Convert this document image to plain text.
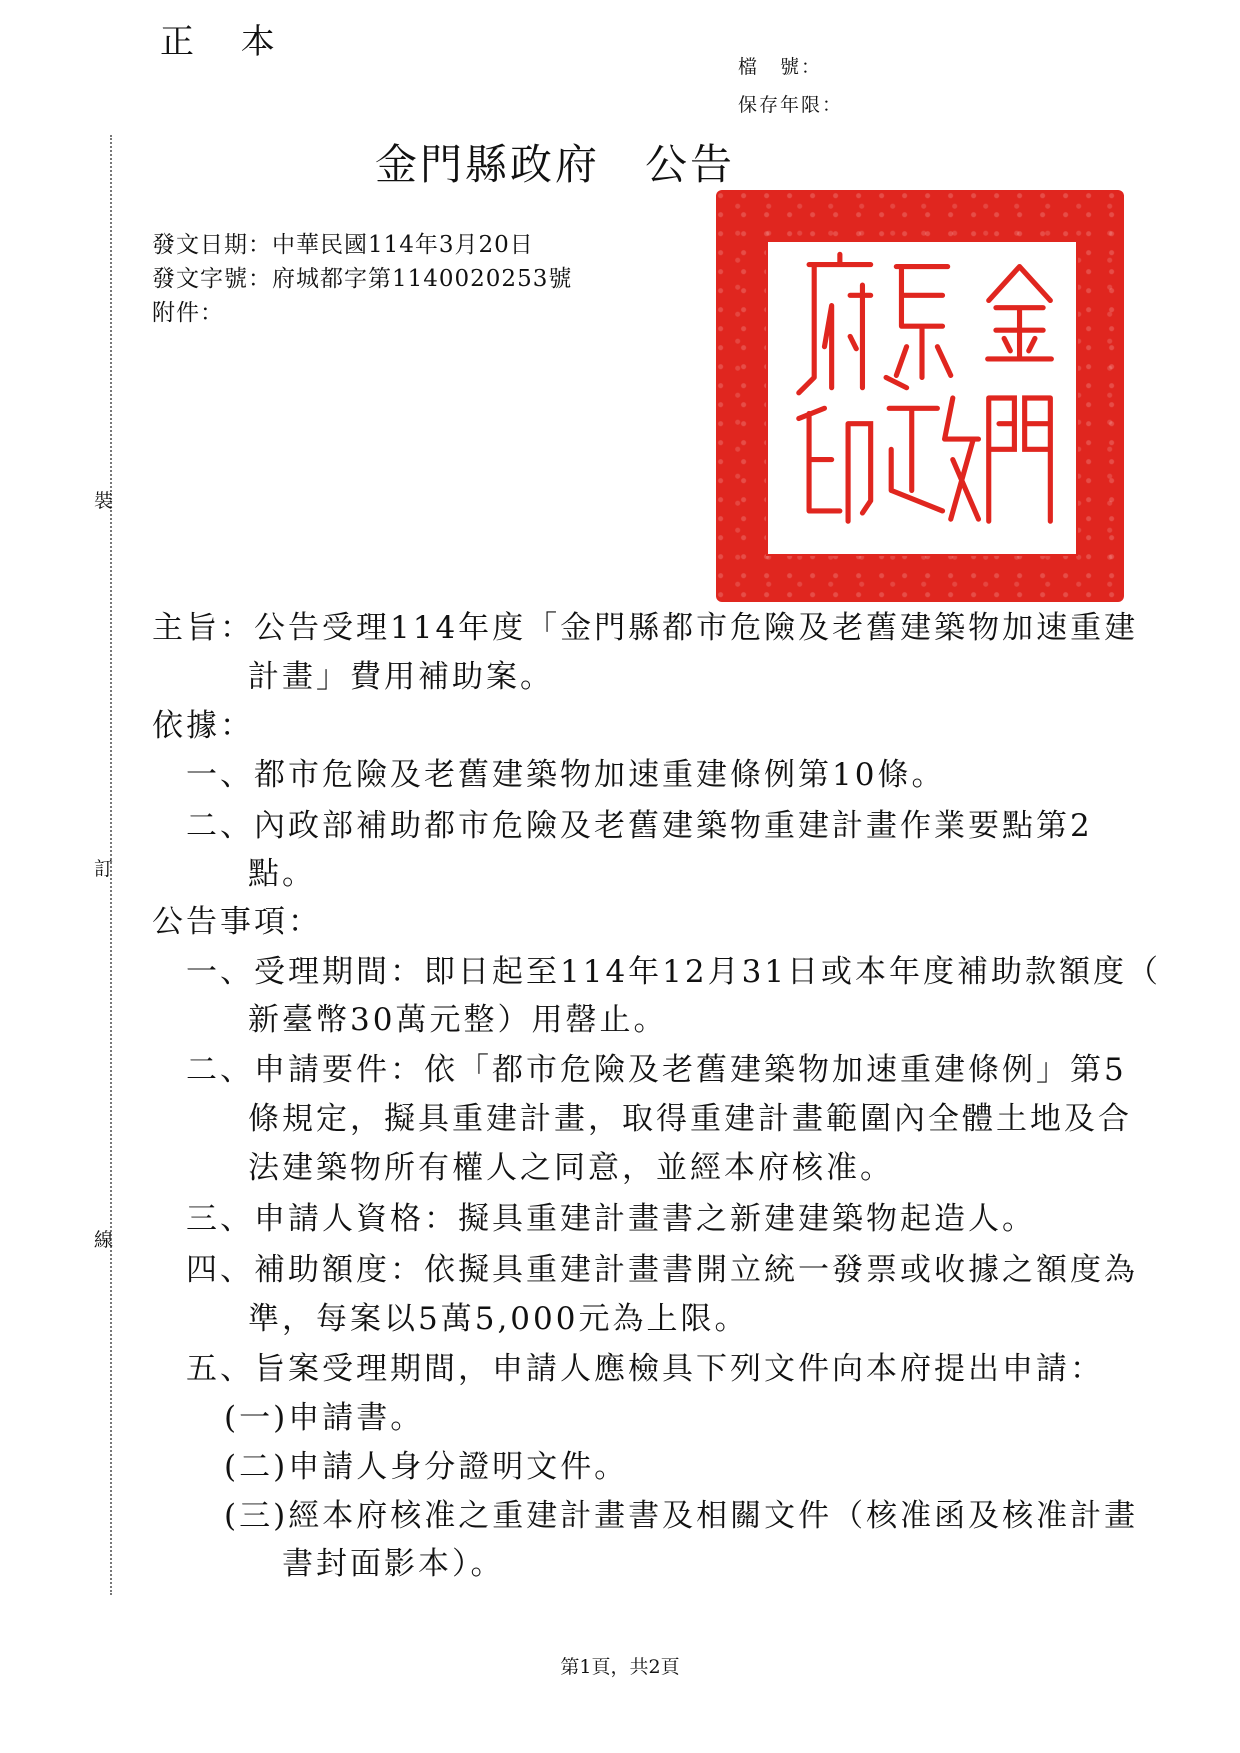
正 本
檔　號：
保存年限：
裝
訂
線
金門縣政府　公告
發文日期：中華民國114年3月20日
發文字號：府城都字第1140020253號
附件：
主旨：公告受理114年度「金門縣都市危險及老舊建築物加速重建
計畫」費用補助案。
依據：
一、都市危險及老舊建築物加速重建條例第10條。
二、內政部補助都市危險及老舊建築物重建計畫作業要點第2
點。
公告事項：
一、受理期間：即日起至114年12月31日或本年度補助款額度（
新臺幣30萬元整）用罄止。
二、申請要件：依「都市危險及老舊建築物加速重建條例」第5
條規定，擬具重建計畫，取得重建計畫範圍內全體土地及合
法建築物所有權人之同意，並經本府核准。
三、申請人資格：擬具重建計畫書之新建建築物起造人。
四、補助額度：依擬具重建計畫書開立統一發票或收據之額度為
準，每案以5萬5,000元為上限。
五、旨案受理期間，申請人應檢具下列文件向本府提出申請：
(一)申請書。
(二)申請人身分證明文件。
(三)經本府核准之重建計畫書及相關文件（核准函及核准計畫
書封面影本）。
第1頁，共2頁
